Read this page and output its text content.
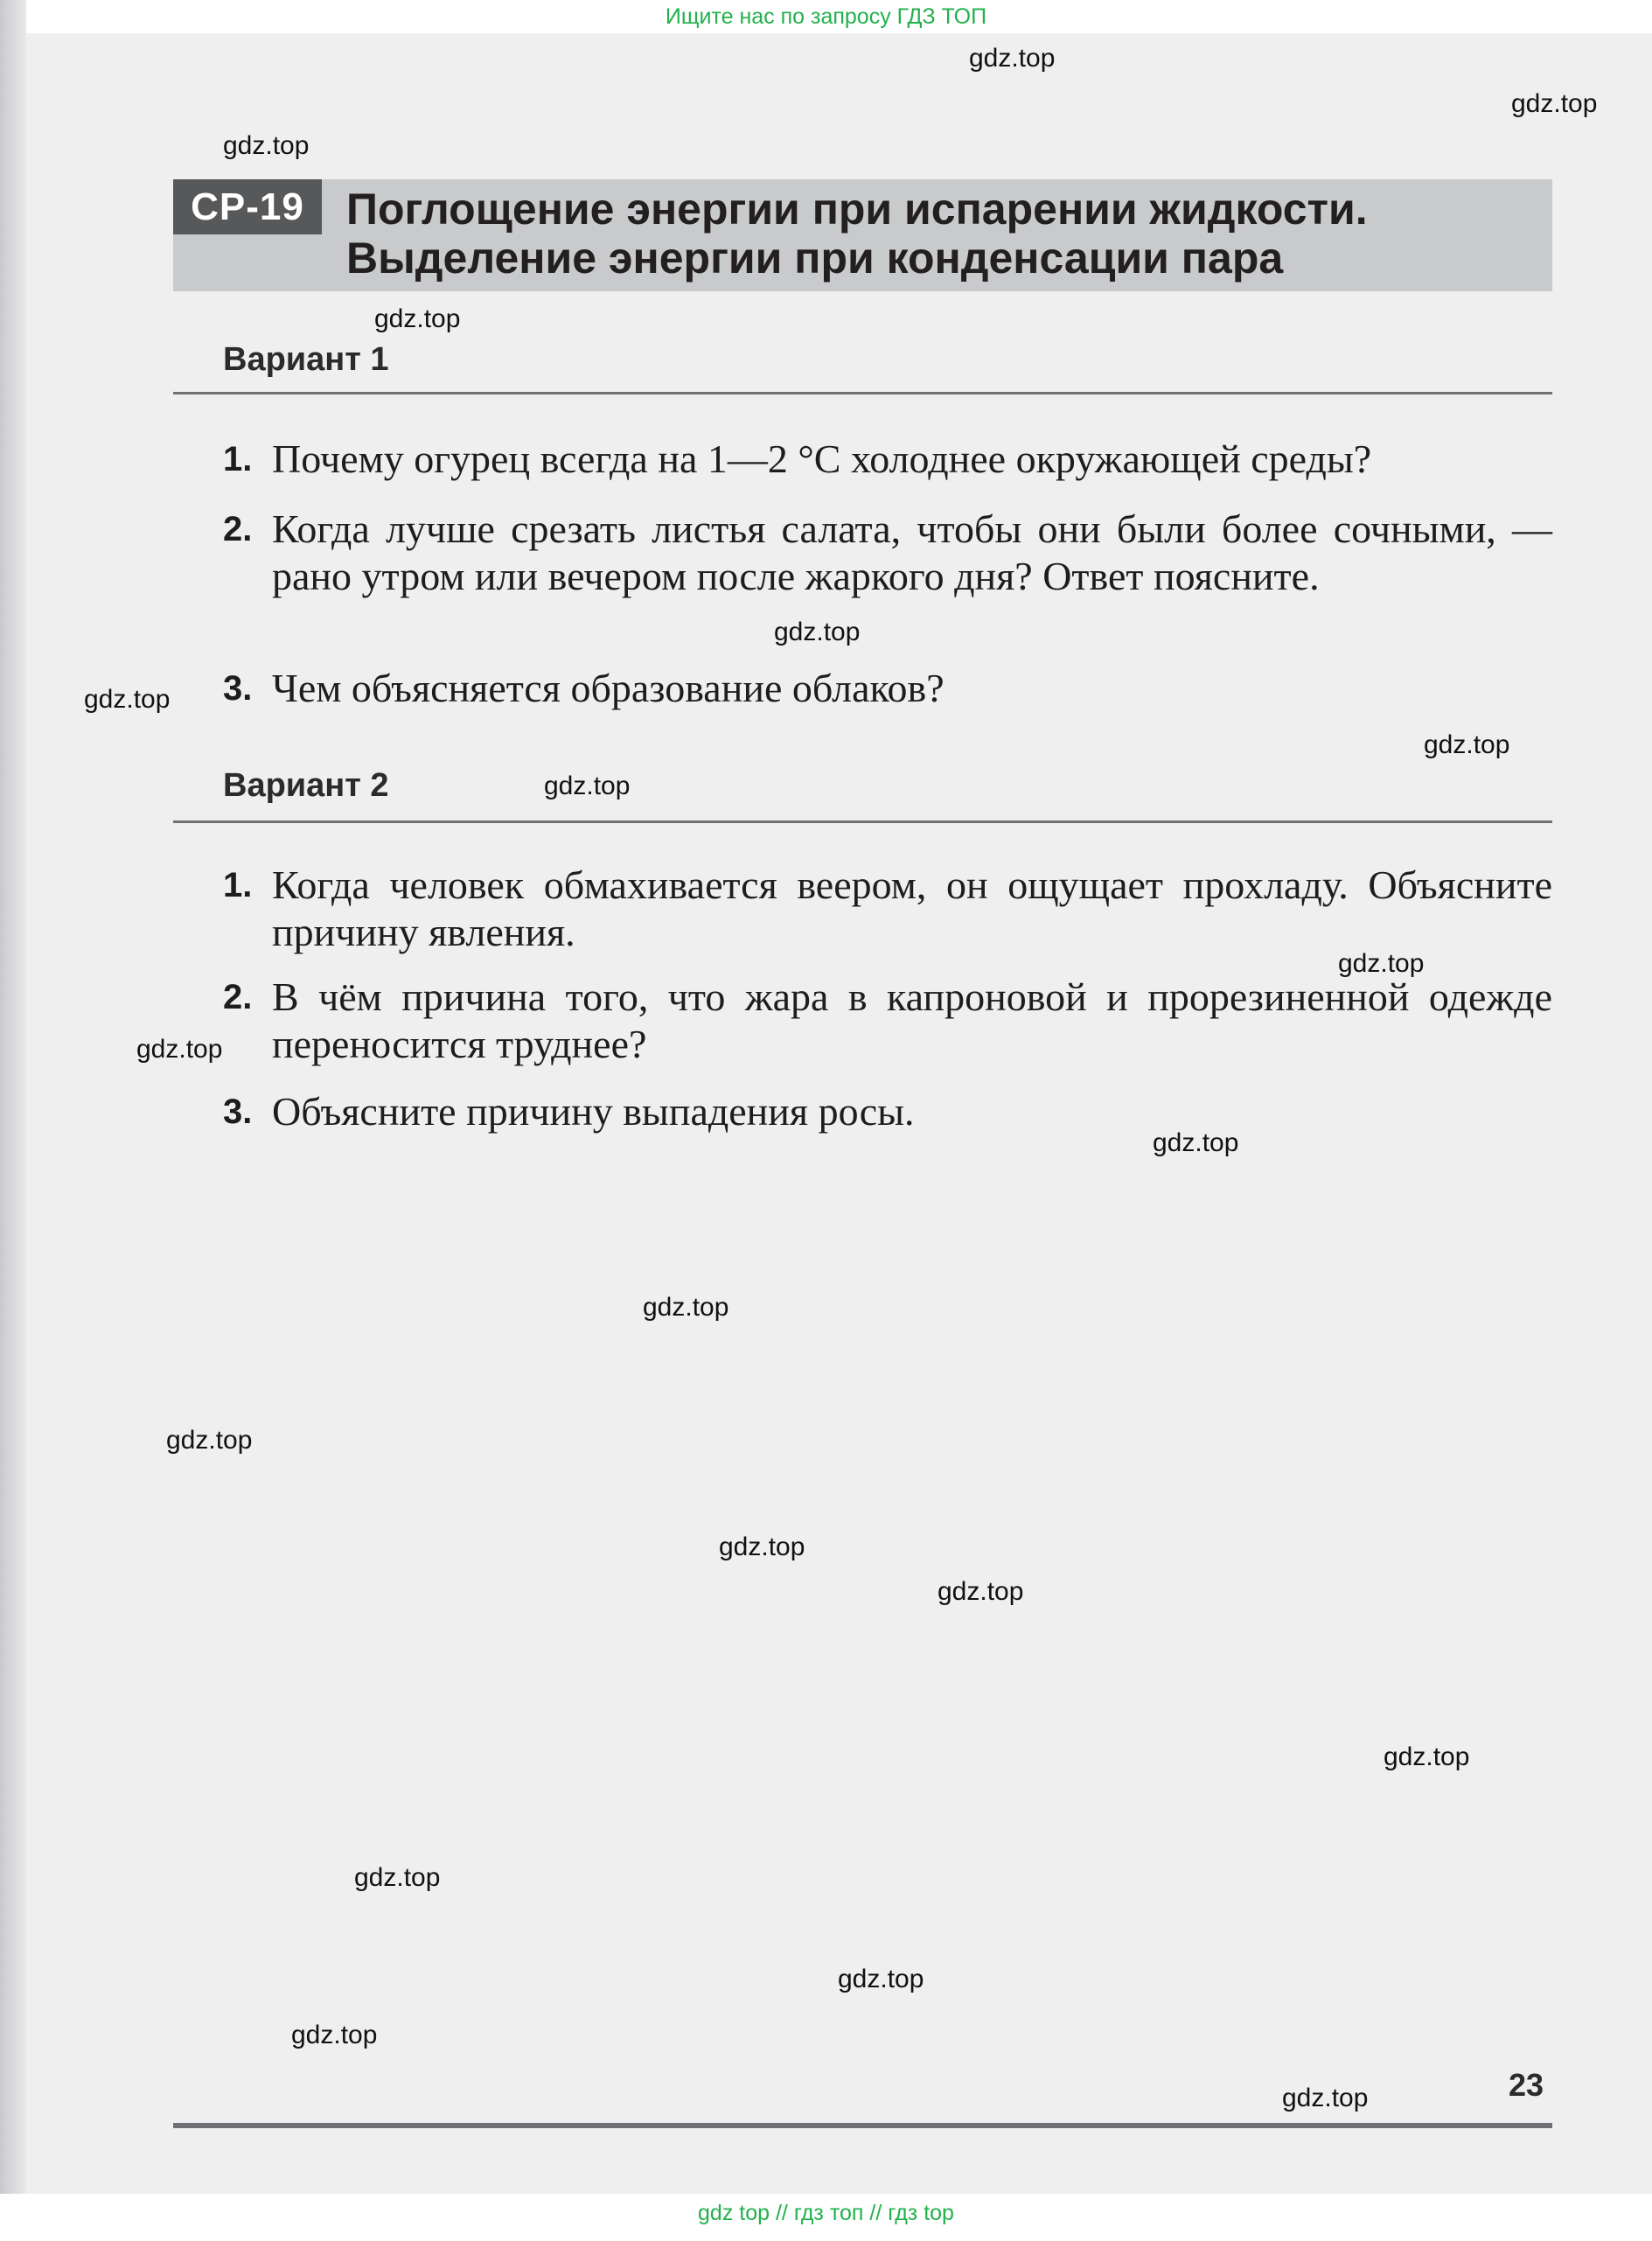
Ищите нас по запросу ГДЗ ТОП
СР-19 Поглощение энергии при испарении жидкости.
Выделение энергии при конденсации пара
Вариант 1
1. Почему огурец всегда на 1—2 °С холоднее окружающей среды?
2. Когда лучше срезать листья салата, чтобы они были более сочными, — рано утром или вечером после жаркого дня? Ответ поясните.
3. Чем объясняется образование облаков?
Вариант 2
1. Когда человек обмахивается веером, он ощущает прохладу. Объясните причину явления.
2. В чём причина того, что жара в капроновой и прорезиненной одежде переносится труднее?
3. Объясните причину выпадения росы.
23
gdz.top
gdz.top
gdz.top
gdz.top
gdz.top
gdz.top
gdz.top
gdz.top
gdz.top
gdz.top
gdz.top
gdz.top
gdz.top
gdz.top
gdz.top
gdz.top
gdz.top
gdz.top
gdz.top
gdz.top
gdz top // гдз топ // гдз top
